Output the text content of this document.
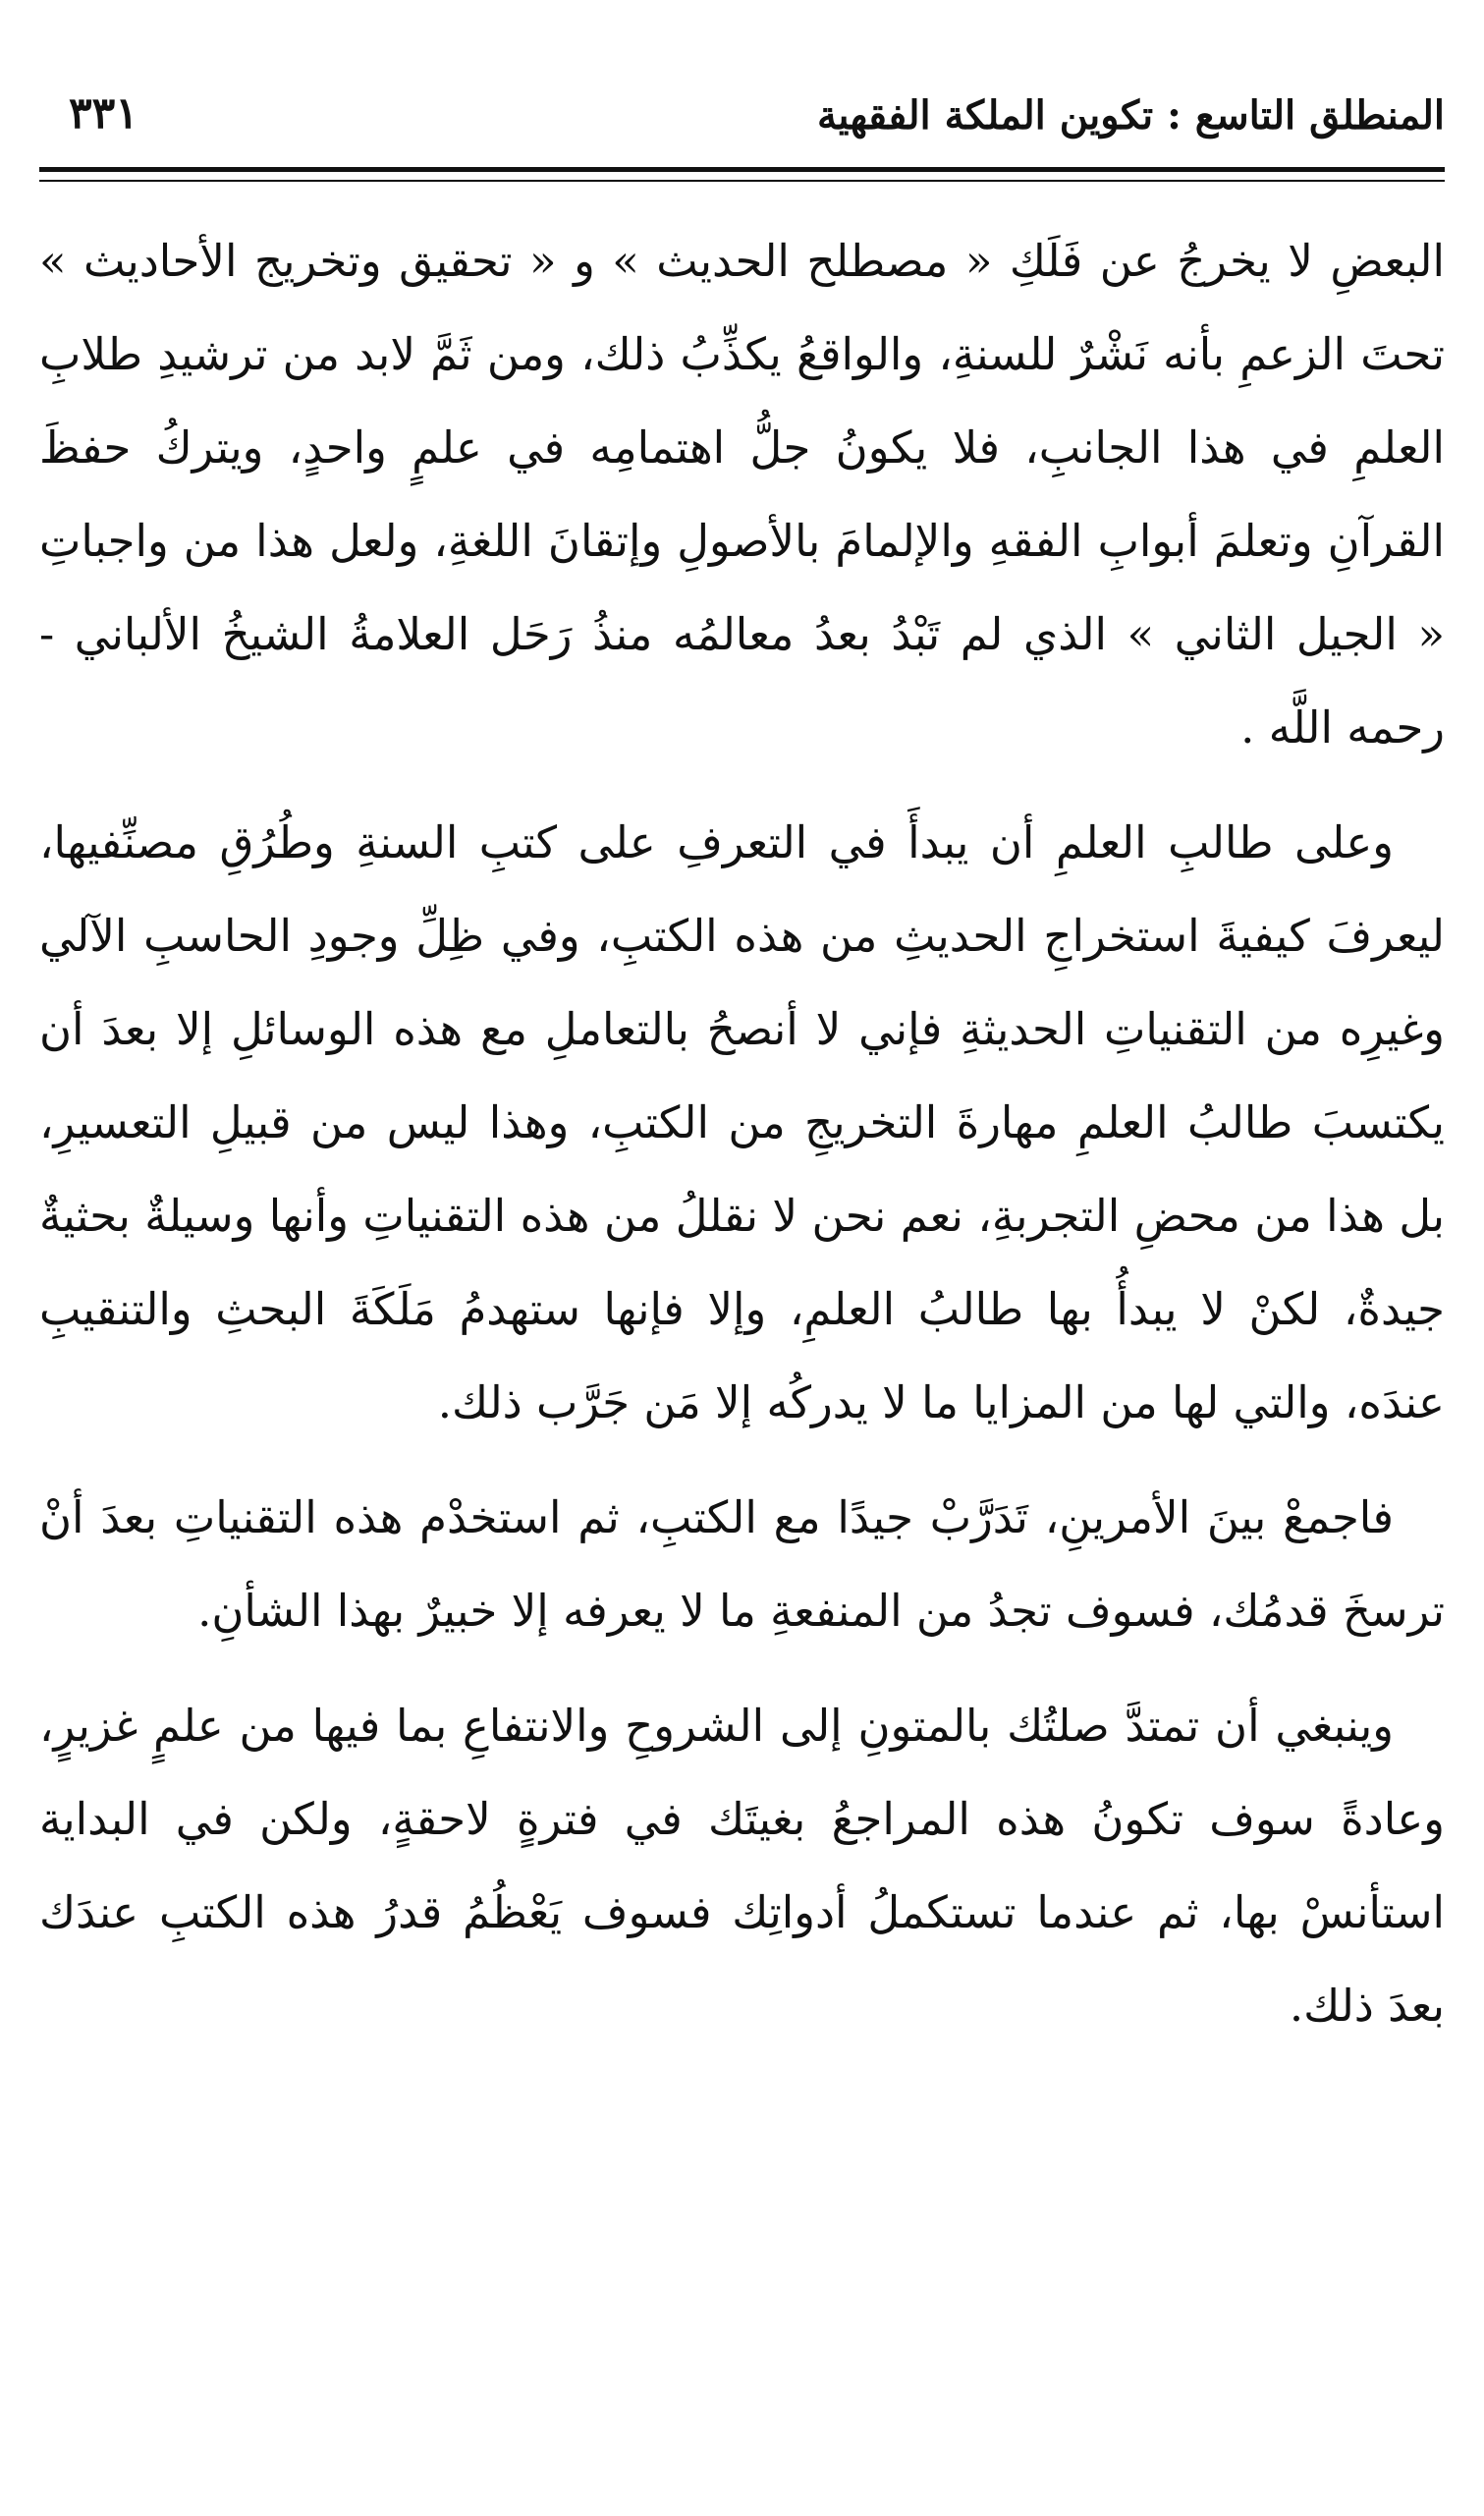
المنطلق التاسع : تكوين الملكة الفقهية
٣٣١

البعضِ لا يخرجُ عن فَلَكِ « مصطلح الحديث » و « تحقيق وتخريج الأحاديث » تحتَ الزعمِ بأنه نَشْرٌ للسنةِ، والواقعُ يكذِّبُ ذلك، ومن ثَمَّ لابد من ترشيدِ طلابِ العلمِ في هذا الجانبِ، فلا يكونُ جلُّ اهتمامِه في علمٍ واحدٍ، ويتركُ حفظَ القرآنِ وتعلمَ أبوابِ الفقهِ والإلمامَ بالأصولِ وإتقانَ اللغةِ، ولعل هذا من واجباتِ « الجيل الثاني » الذي لم تَبْدُ بعدُ معالمُه منذُ رَحَل العلامةُ الشيخُ الألباني - رحمه اللَّه .

وعلى طالبِ العلمِ أن يبدأَ في التعرفِ على كتبِ السنةِ وطُرُقِ مصنِّفيها، ليعرفَ كيفيةَ استخراجِ الحديثِ من هذه الكتبِ، وفي ظِلِّ وجودِ الحاسبِ الآلي وغيرِه من التقنياتِ الحديثةِ فإني لا أنصحُ بالتعاملِ مع هذه الوسائلِ إلا بعدَ أن يكتسبَ طالبُ العلمِ مهارةَ التخريجِ من الكتبِ، وهذا ليس من قبيلِ التعسيرِ، بل هذا من محضِ التجربةِ، نعم نحن لا نقللُ من هذه التقنياتِ وأنها وسيلةٌ بحثيةٌ جيدةٌ، لكنْ لا يبدأُ بها طالبُ العلمِ، وإلا فإنها ستهدمُ مَلَكَةَ البحثِ والتنقيبِ عندَه، والتي لها من المزايا ما لا يدركُه إلا مَن جَرَّب ذلك.

فاجمعْ بينَ الأمرينِ، تَدَرَّبْ جيدًا مع الكتبِ، ثم استخدْم هذه التقنياتِ بعدَ أنْ ترسخَ قدمُك، فسوف تجدُ من المنفعةِ ما لا يعرفه إلا خبيرٌ بهذا الشأنِ.

وينبغي أن تمتدَّ صلتُك بالمتونِ إلى الشروحِ والانتفاعِ بما فيها من علمٍ غزيرٍ، وعادةً سوف تكونُ هذه المراجعُ بغيتَك في فترةٍ لاحقةٍ، ولكن في البداية استأنسْ بها، ثم عندما تستكملُ أدواتِك فسوف يَعْظُمُ قدرُ هذه الكتبِ عندَك بعدَ ذلك.
